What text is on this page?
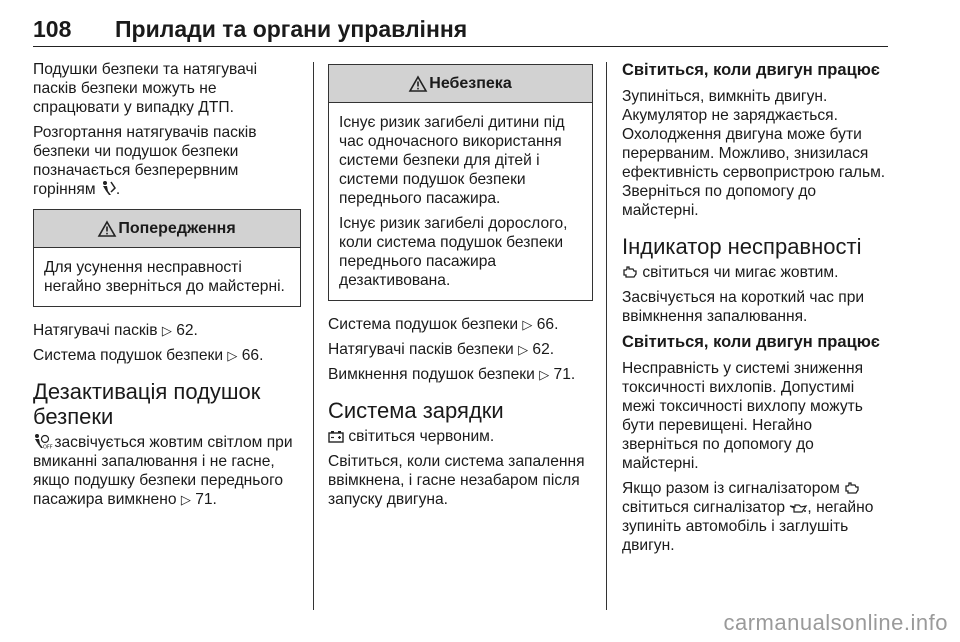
108 Прилади та органи управління

Подушки безпеки та натягувачі пасків безпеки можуть не спрацювати у випадку ДТП.

Розгортання натягувачів пасків безпеки чи подушок безпеки позначається безперервним горінням .

Попередження

Для усунення несправності негайно зверніться до майстерні.

Натягувачі пасків ▷ 62.

Система подушок безпеки ▷ 66.

Дезактивація подушок безпеки

OFF засвічується жовтим світлом при вмиканні запалювання і не гасне, якщо подушку безпеки переднього пасажира вимкнено ▷ 71.

Небезпека

Існує ризик загибелі дитини під час одночасного використання системи безпеки для дітей і системи подушок безпеки переднього пасажира.

Існує ризик загибелі дорослого, коли система подушок безпеки переднього пасажира дезактивована.

Система подушок безпеки ▷ 66.

Натягувачі пасків безпеки ▷ 62.

Вимкнення подушок безпеки ▷ 71.

Система зарядки

світиться червоним.

Світиться, коли система запалення ввімкнена, і гасне незабаром після запуску двигуна.

Світиться, коли двигун працює

Зупиніться, вимкніть двигун. Акумулятор не заряджається. Охолодження двигуна може бути перерваним. Можливо, знизилася ефективність сервопристрою гальм. Зверніться по допомогу до майстерні.

Індикатор несправності

світиться чи мигає жовтим.

Засвічується на короткий час при ввімкнення запалювання.

Світиться, коли двигун працює

Несправність у системі зниження токсичності вихлопів. Допустимі межі токсичності вихлопу можуть бути перевищені. Негайно зверніться по допомогу до майстерні.

Якщо разом із сигналізатором  світиться сигналізатор , негайно зупиніть автомобіль і заглушіть двигун.

carmanualsonline.info
